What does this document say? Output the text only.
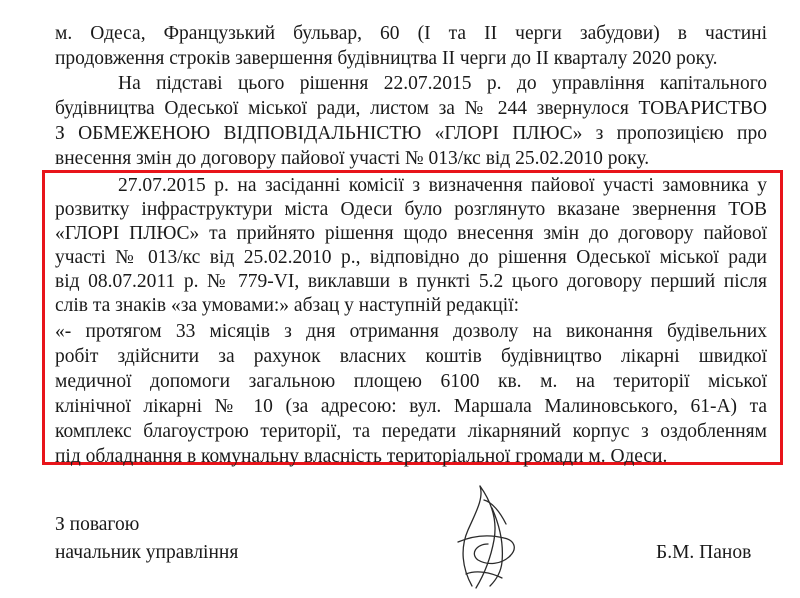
м. Одеса, Французький бульвар, 60 (I та II черги забудови) в частині
продовження строків завершення будівництва II черги до II кварталу 2020 року.
На підставі цього рішення 22.07.2015 р. до управління капітального
будівництва Одеської міської ради, листом за № 244 звернулося ТОВАРИСТВО
З ОБМЕЖЕНОЮ ВІДПОВІДАЛЬНІСТЮ «ГЛОРІ ПЛЮС» з пропозицією про
внесення змін до договору пайової участі № 013/кс від 25.02.2010 року.
27.07.2015 р. на засіданні комісії з визначення пайової участі замовника у
розвитку інфраструктури міста Одеси було розглянуто вказане звернення ТОВ
«ГЛОРІ ПЛЮС» та прийнято рішення щодо внесення змін до договору пайової
участі № 013/кс від 25.02.2010 р., відповідно до рішення Одеської міської ради
від 08.07.2011 р. № 779-VI, виклавши в пункті 5.2 цього договору перший після
слів та знаків «за умовами:» абзац у наступній редакції:
«- протягом 33 місяців з дня отримання дозволу на виконання будівельних
робіт здійснити за рахунок власних коштів будівництво лікарні швидкої
медичної допомоги загальною площею 6100 кв. м. на території міської
клінічної лікарні № 10 (за адресою: вул. Маршала Малиновського, 61-А) та
комплекс благоустрою території, та передати лікарняний корпус з оздобленням
під обладнання в комунальну власність територіальної громади м. Одеси.
З повагою
начальник управління	Б.М. Панов
